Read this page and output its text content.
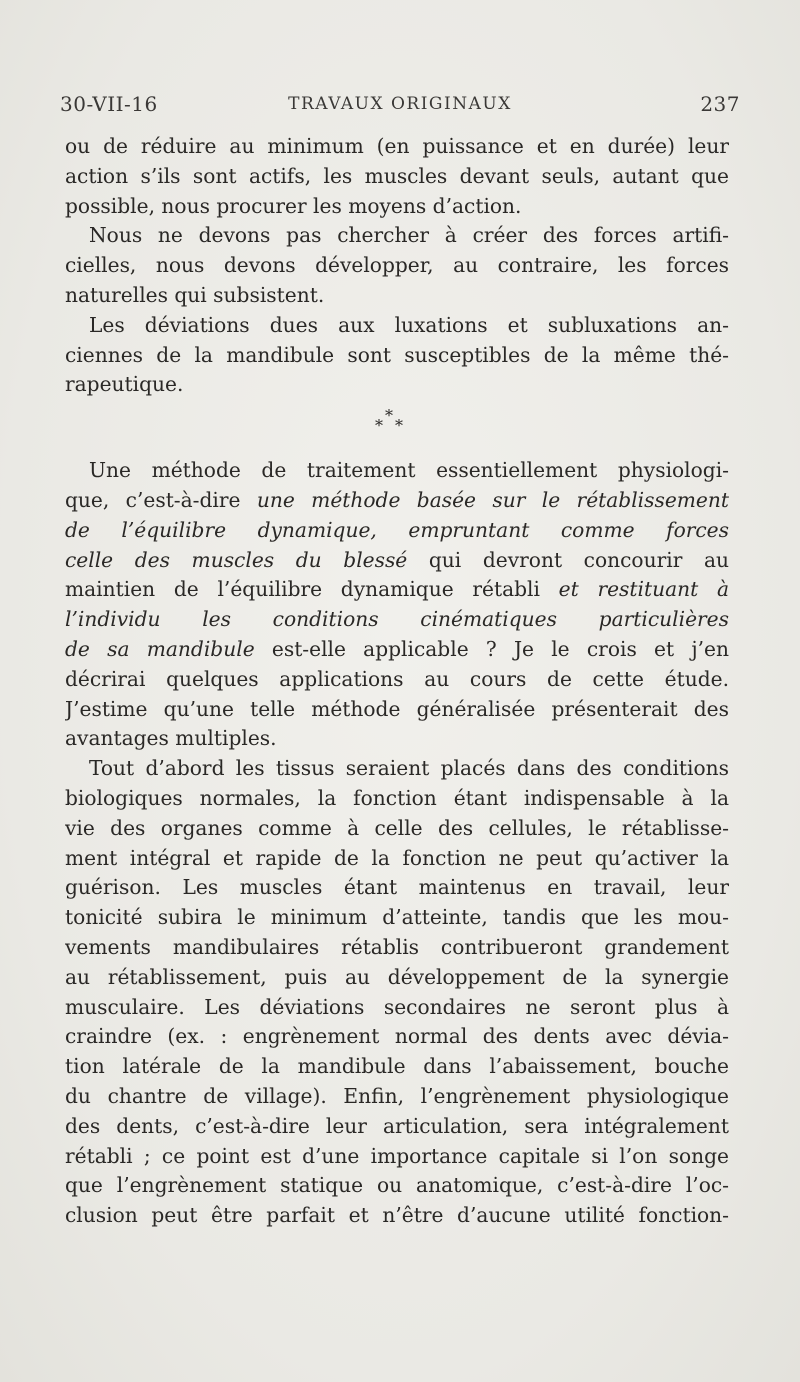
30-VII-16	TRAVAUX ORIGINAUX	237
ou de réduire au minimum (en puissance et en durée) leur
action s’ils sont actifs, les muscles devant seuls, autant que
possible, nous procurer les moyens d’action.
Nous ne devons pas chercher à créer des forces artifi-
cielles, nous devons développer, au contraire, les forces
naturelles qui subsistent.
Les déviations dues aux luxations et subluxations an-
ciennes de la mandibule sont susceptibles de la même thé-
rapeutique.
*
* *
Une méthode de traitement essentiellement physiologi-
que, c’est-à-dire une méthode basée sur le rétablissement
de l’équilibre dynamique, empruntant comme forces
celle des muscles du blessé qui devront concourir au
maintien de l’équilibre dynamique rétabli et restituant à
l’individu les conditions cinématiques particulières
de sa mandibule est-elle applicable ? Je le crois et j’en
décrirai quelques applications au cours de cette étude.
J’estime qu’une telle méthode généralisée présenterait des
avantages multiples.
Tout d’abord les tissus seraient placés dans des conditions
biologiques normales, la fonction étant indispensable à la
vie des organes comme à celle des cellules, le rétablisse-
ment intégral et rapide de la fonction ne peut qu’activer la
guérison. Les muscles étant maintenus en travail, leur
tonicité subira le minimum d’atteinte, tandis que les mou-
vements mandibulaires rétablis contribueront grandement
au rétablissement, puis au développement de la synergie
musculaire. Les déviations secondaires ne seront plus à
craindre (ex. : engrènement normal des dents avec dévia-
tion latérale de la mandibule dans l’abaissement, bouche
du chantre de village). Enfin, l’engrènement physiologique
des dents, c’est-à-dire leur articulation, sera intégralement
rétabli ; ce point est d’une importance capitale si l’on songe
que l’engrènement statique ou anatomique, c’est-à-dire l’oc-
clusion peut être parfait et n’être d’aucune utilité fonction-
